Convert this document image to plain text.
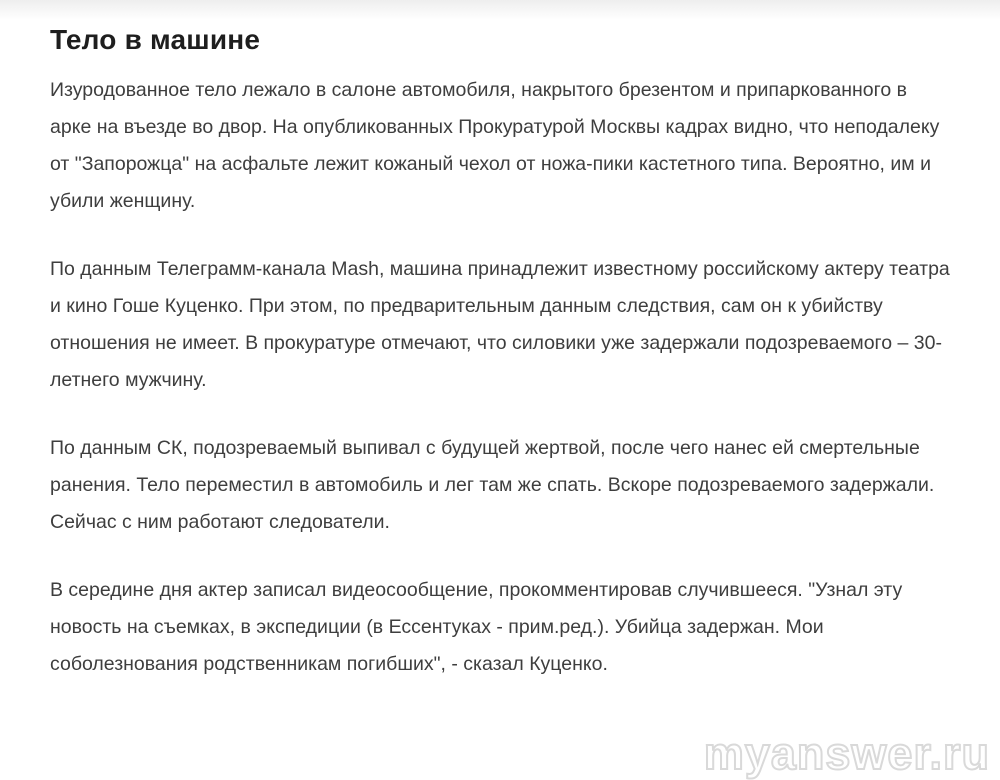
Тело в машине

Изуродованное тело лежало в салоне автомобиля, накрытого брезентом и припаркованного в арке на въезде во двор. На опубликованных Прокуратурой Москвы кадрах видно, что неподалеку от "Запорожца" на асфальте лежит кожаный чехол от ножа-пики кастетного типа. Вероятно, им и убили женщину.

По данным Телеграмм-канала Mash, машина принадлежит известному российскому актеру театра и кино Гоше Куценко. При этом, по предварительным данным следствия, сам он к убийству отношения не имеет. В прокуратуре отмечают, что силовики уже задержали подозреваемого – 30-летнего мужчину.

По данным СК, подозреваемый выпивал с будущей жертвой, после чего нанес ей смертельные ранения. Тело переместил в автомобиль и лег там же спать. Вскоре подозреваемого задержали. Сейчас с ним работают следователи.

В середине дня актер записал видеосообщение, прокомментировав случившееся. "Узнал эту новость на съемках, в экспедиции (в Ессентуках - прим.ред.). Убийца задержан. Мои соболезнования родственникам погибших", - сказал Куценко.

myanswer.ru
